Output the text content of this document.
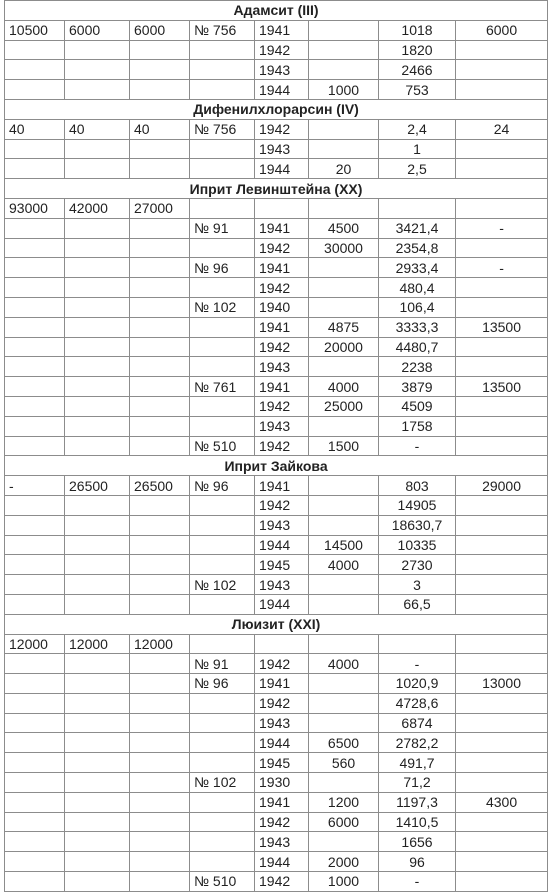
Адамсит (III)							
10500	6000	6000	№ 756	1941		1018	6000
				1942		1820	
				1943		2466	
				1944	1000	753	
Дифенилхлорарсин (IV)							
40	40	40	№ 756	1942		2,4	24
				1943		1	
				1944	20	2,5	
Иприт Левинштейна (XX)							
93000	42000	27000					
			№ 91	1941	4500	3421,4	-
				1942	30000	2354,8	
			№ 96	1941		2933,4	-
				1942		480,4	
			№ 102	1940		106,4	
				1941	4875	3333,3	13500
				1942	20000	4480,7	
				1943		2238	
			№ 761	1941	4000	3879	13500
				1942	25000	4509	
				1943		1758	
			№ 510	1942	1500	-	
Иприт Зайкова							
-	26500	26500	№ 96	1941		803	29000
				1942		14905	
				1943		18630,7	
				1944	14500	10335	
				1945	4000	2730	
			№ 102	1943		3	
				1944		66,5	
Люизит (XXI)							
12000	12000	12000					
			№ 91	1942	4000	-	
			№ 96	1941		1020,9	13000
				1942		4728,6	
				1943		6874	
				1944	6500	2782,2	
				1945	560	491,7	
			№ 102	1930		71,2	
				1941	1200	1197,3	4300
				1942	6000	1410,5	
				1943		1656	
				1944	2000	96	
			№ 510	1942	1000	-	
